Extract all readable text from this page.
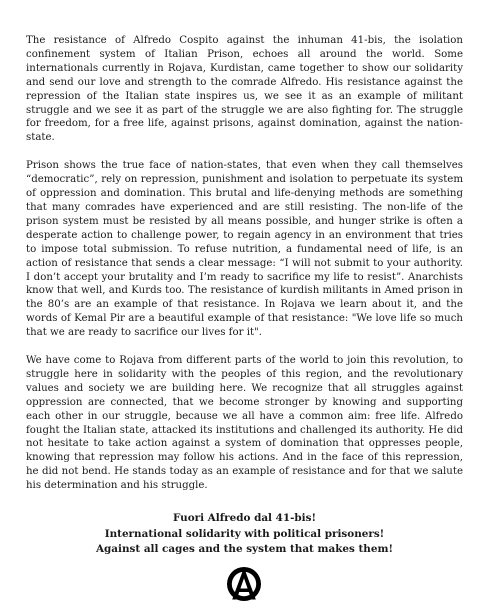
The resistance of Alfredo Cospito against the inhuman 41-bis, the isolation confinement system of Italian Prison, echoes all around the world. Some internationals currently in Rojava, Kurdistan, came together to show our solidarity and send our love and strength to the comrade Alfredo. His resistance against the repression of the Italian state inspires us, we see it as an example of militant struggle and we see it as part of the struggle we are also fighting for. The struggle for freedom, for a free life, against prisons, against domination, against the nation-state.

Prison shows the true face of nation-states, that even when they call themselves “democratic”, rely on repression, punishment and isolation to perpetuate its system of oppression and domination. This brutal and life-denying methods are something that many comrades have experienced and are still resisting. The non-life of the prison system must be resisted by all means possible, and hunger strike is often a desperate action to challenge power, to regain agency in an environment that tries to impose total submission. To refuse nutrition, a fundamental need of life, is an action of resistance that sends a clear message: “I will not submit to your authority. I don’t accept your brutality and I’m ready to sacrifice my life to resist”. Anarchists know that well, and Kurds too. The resistance of kurdish militants in Amed prison in the 80’s are an example of that resistance. In Rojava we learn about it, and the words of Kemal Pir are a beautiful example of that resistance: "We love life so much that we are ready to sacrifice our lives for it".

We have come to Rojava from different parts of the world to join this revolution, to struggle here in solidarity with the peoples of this region, and the revolutionary values and society we are building here. We recognize that all struggles against oppression are connected, that we become stronger by knowing and supporting each other in our struggle, because we all have a common aim: free life. Alfredo fought the Italian state, attacked its institutions and challenged its authority. He did not hesitate to take action against a system of domination that oppresses people, knowing that repression may follow his actions. And in the face of this repression, he did not bend. He stands today as an example of resistance and for that we salute his determination and his struggle.

Fuori Alfredo dal 41-bis!

International solidarity with political prisoners!

Against all cages and the system that makes them!
